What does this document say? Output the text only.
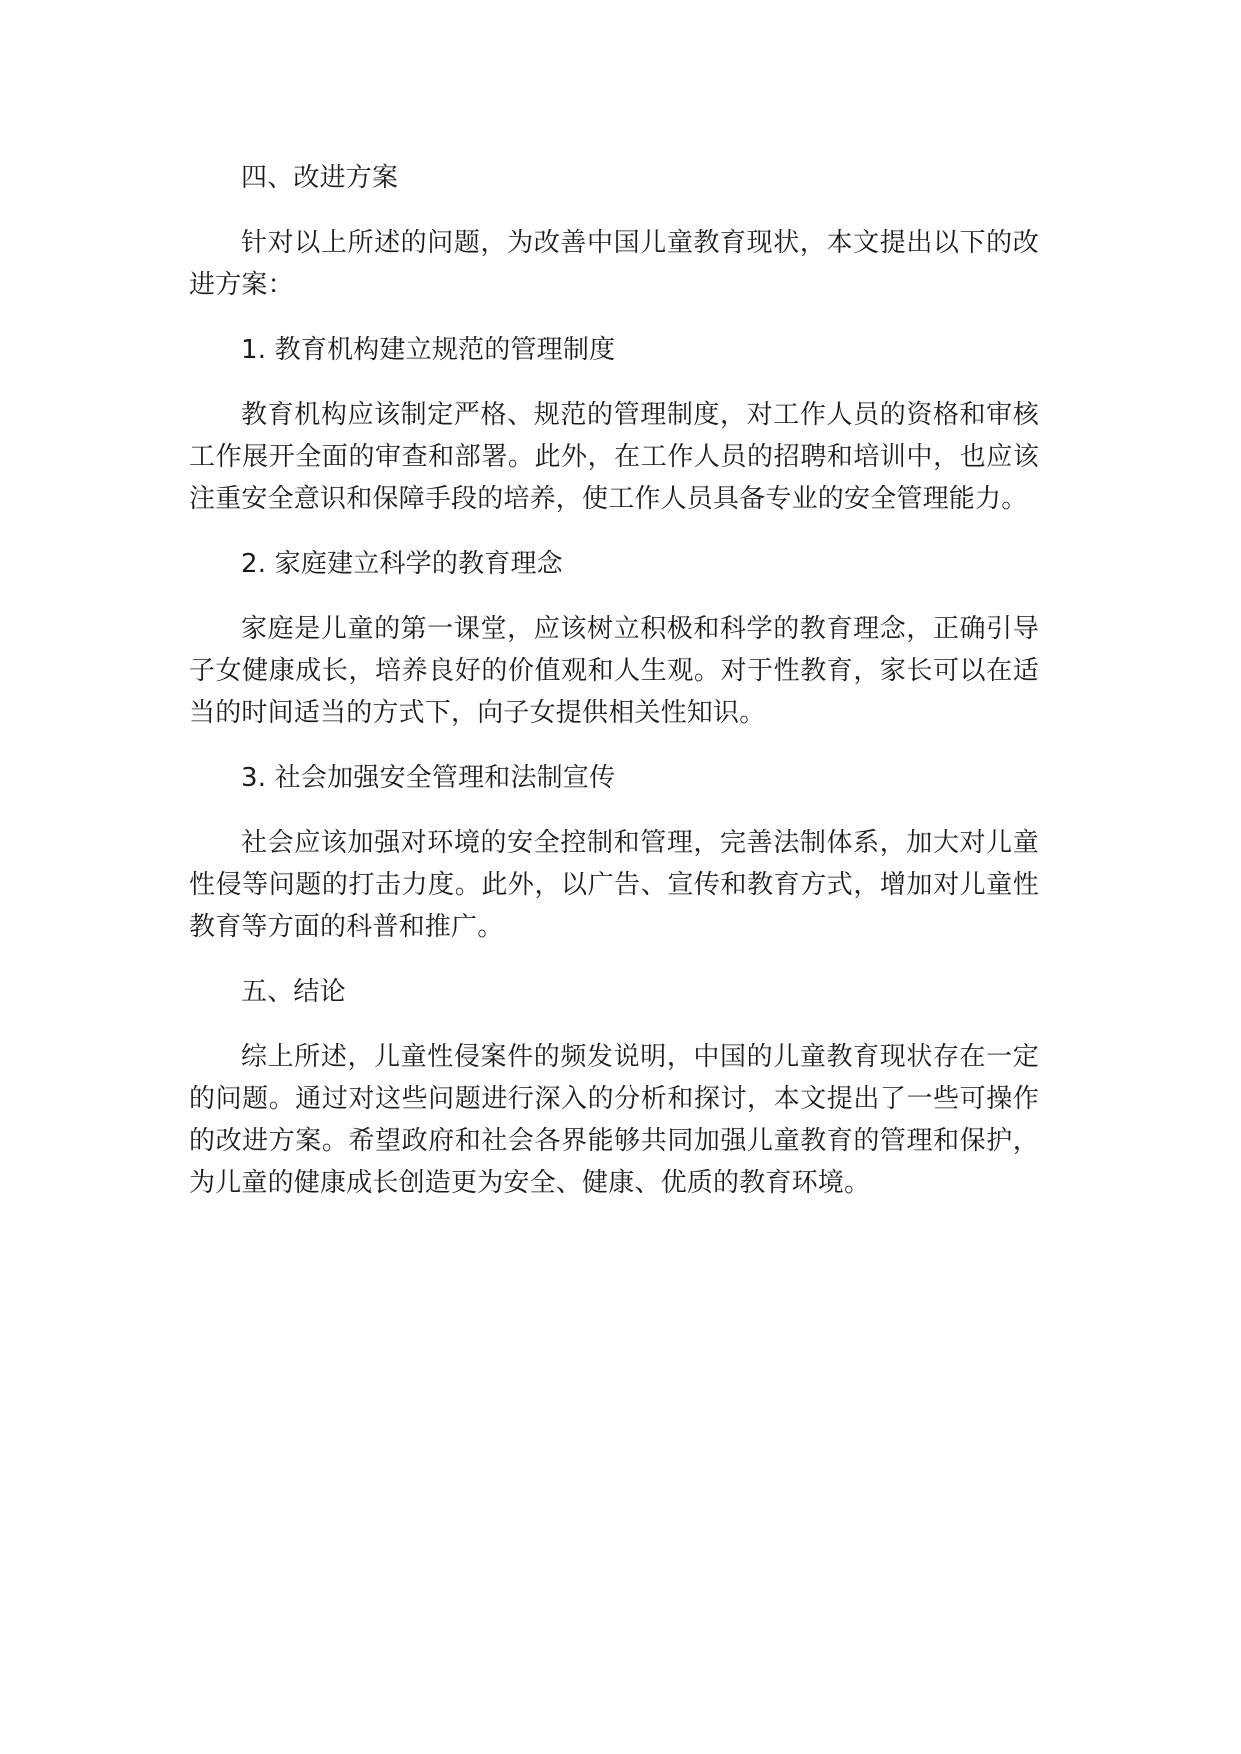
四、改进方案

针对以上所述的问题，为改善中国儿童教育现状，本文提出以下的改进方案：

1. 教育机构建立规范的管理制度

教育机构应该制定严格、规范的管理制度，对工作人员的资格和审核工作展开全面的审查和部署。此外，在工作人员的招聘和培训中，也应该注重安全意识和保障手段的培养，使工作人员具备专业的安全管理能力。

2. 家庭建立科学的教育理念

家庭是儿童的第一课堂，应该树立积极和科学的教育理念，正确引导子女健康成长，培养良好的价值观和人生观。对于性教育，家长可以在适当的时间适当的方式下，向子女提供相关性知识。

3. 社会加强安全管理和法制宣传

社会应该加强对环境的安全控制和管理，完善法制体系，加大对儿童性侵等问题的打击力度。此外，以广告、宣传和教育方式，增加对儿童性教育等方面的科普和推广。

五、结论

综上所述，儿童性侵案件的频发说明，中国的儿童教育现状存在一定的问题。通过对这些问题进行深入的分析和探讨，本文提出了一些可操作的改进方案。希望政府和社会各界能够共同加强儿童教育的管理和保护，为儿童的健康成长创造更为安全、健康、优质的教育环境。
